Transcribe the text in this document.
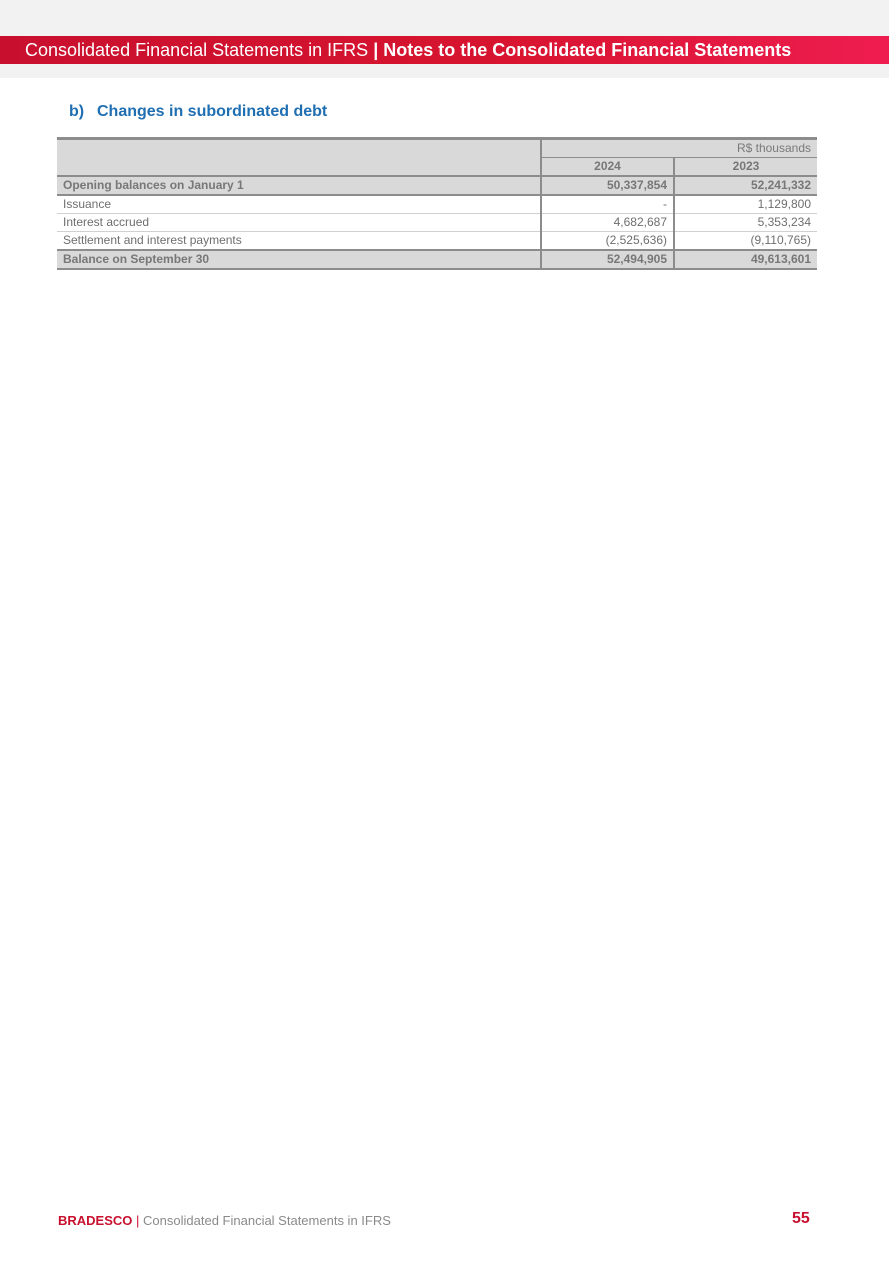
Consolidated Financial Statements in IFRS | Notes to the Consolidated Financial Statements
b) Changes in subordinated debt
	R$ thousands	
	2024	2023
Opening balances on January 1	50,337,854	52,241,332
Issuance	-	1,129,800
Interest accrued	4,682,687	5,353,234
Settlement and interest payments	(2,525,636)	(9,110,765)
Balance on September 30	52,494,905	49,613,601
BRADESCO | Consolidated Financial Statements in IFRS	55
